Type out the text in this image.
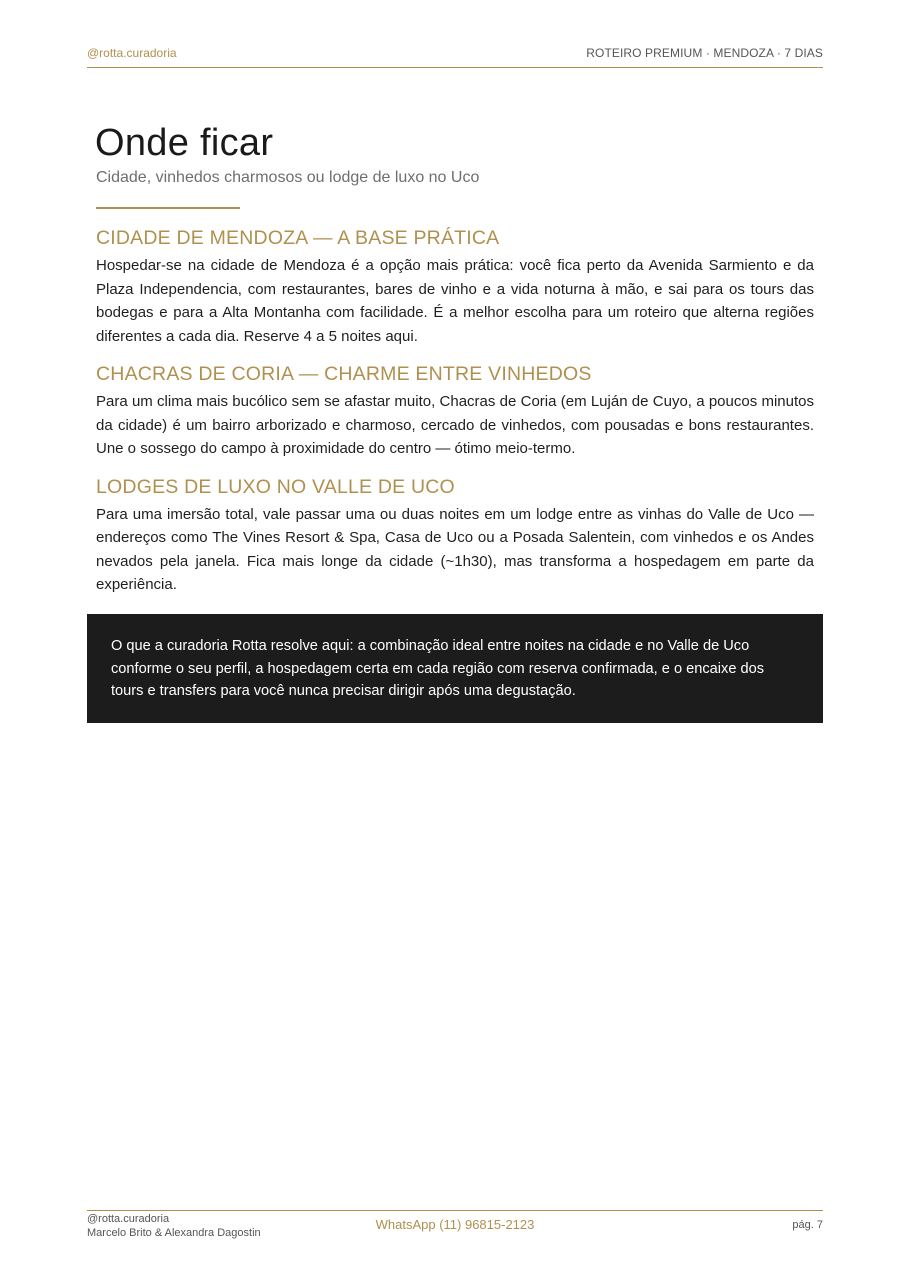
@rotta.curadoria	ROTEIRO PREMIUM · MENDOZA · 7 DIAS
Onde ficar
Cidade, vinhedos charmosos ou lodge de luxo no Uco
CIDADE DE MENDOZA — A BASE PRÁTICA

Hospedar-se na cidade de Mendoza é a opção mais prática: você fica perto da Avenida Sarmiento e da Plaza Independencia, com restaurantes, bares de vinho e a vida noturna à mão, e sai para os tours das bodegas e para a Alta Montanha com facilidade. É a melhor escolha para um roteiro que alterna regiões diferentes a cada dia. Reserve 4 a 5 noites aqui.

CHACRAS DE CORIA — CHARME ENTRE VINHEDOS

Para um clima mais bucólico sem se afastar muito, Chacras de Coria (em Luján de Cuyo, a poucos minutos da cidade) é um bairro arborizado e charmoso, cercado de vinhedos, com pousadas e bons restaurantes. Une o sossego do campo à proximidade do centro — ótimo meio-termo.

LODGES DE LUXO NO VALLE DE UCO

Para uma imersão total, vale passar uma ou duas noites em um lodge entre as vinhas do Valle de Uco — endereços como The Vines Resort & Spa, Casa de Uco ou a Posada Salentein, com vinhedos e os Andes nevados pela janela. Fica mais longe da cidade (~1h30), mas transforma a hospedagem em parte da experiência.

O que a curadoria Rotta resolve aqui: a combinação ideal entre noites na cidade e no Valle de Uco conforme o seu perfil, a hospedagem certa em cada região com reserva confirmada, e o encaixe dos tours e transfers para você nunca precisar dirigir após uma degustação.

@rotta.curadoria
Marcelo Brito & Alexandra Dagostin
WhatsApp (11) 96815-2123	pág. 7
